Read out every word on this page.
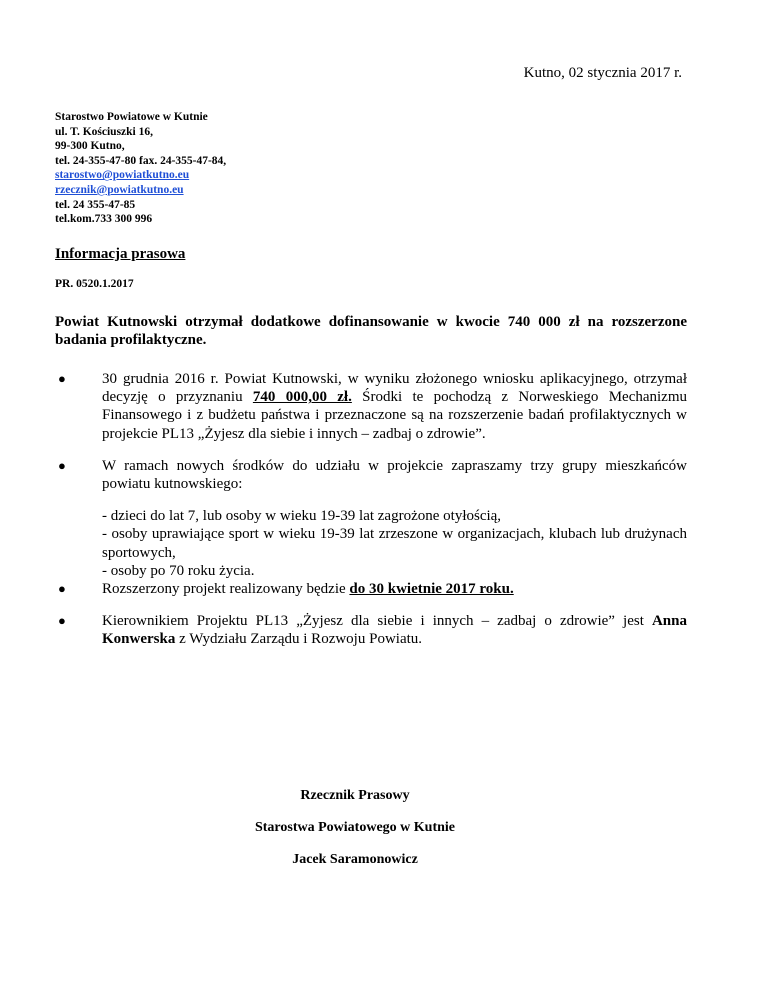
Kutno, 02 stycznia 2017 r.
Starostwo Powiatowe w Kutnie
ul. T. Kościuszki 16,
99-300 Kutno,
tel. 24-355-47-80 fax. 24-355-47-84,
starostwo@powiatkutno.eu
rzecznik@powiatkutno.eu
tel. 24 355-47-85
tel.kom.733 300 996
Informacja prasowa
PR. 0520.1.2017
Powiat Kutnowski otrzymał dodatkowe dofinansowanie w kwocie 740 000 zł na rozszerzone badania profilaktyczne.
● 30 grudnia 2016 r. Powiat Kutnowski, w wyniku złożonego wniosku aplikacyjnego, otrzymał decyzję o przyznaniu 740 000,00 zł. Środki te pochodzą z Norweskiego Mechanizmu Finansowego i z budżetu państwa i przeznaczone są na rozszerzenie badań profilaktycznych w projekcie PL13 „Żyjesz dla siebie i innych – zadbaj o zdrowie”.
● W ramach nowych środków do udziału w projekcie zapraszamy trzy grupy mieszkańców powiatu kutnowskiego:
- dzieci do lat 7, lub osoby w wieku 19-39 lat zagrożone otyłością,
- osoby uprawiające sport w wieku 19-39 lat zrzeszone w organizacjach, klubach lub drużynach sportowych,
- osoby po 70 roku życia.
● Rozszerzony projekt realizowany będzie do 30 kwietnie 2017 roku.
● Kierownikiem Projektu PL13 „Żyjesz dla siebie i innych – zadbaj o zdrowie” jest Anna Konwerska z Wydziału Zarządu i Rozwoju Powiatu.
Rzecznik Prasowy
Starostwa Powiatowego w Kutnie
Jacek Saramonowicz
